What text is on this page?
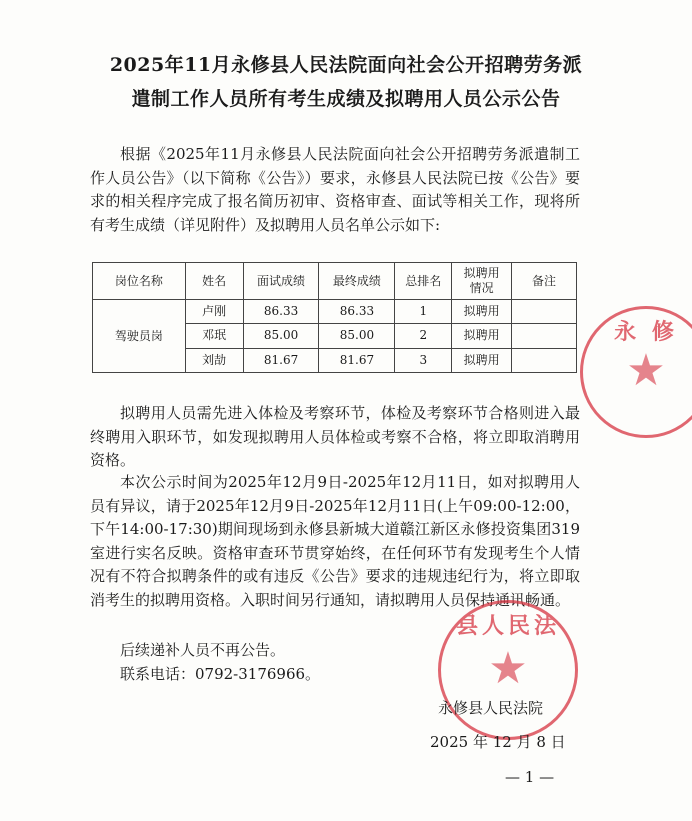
2025年11月永修县人民法院面向社会公开招聘劳务派
遣制工作人员所有考生成绩及拟聘用人员公示公告

根据《2025年11月永修县人民法院面向社会公开招聘劳务派遣制工作人员公告》（以下简称《公告》）要求，永修县人民法院已按《公告》要求的相关程序完成了报名简历初审、资格审查、面试等相关工作，现将所有考生成绩（详见附件）及拟聘用人员名单公示如下:

岗位名称	姓名	面试成绩	最终成绩	总排名	拟聘用情况	备注
驾驶员岗	卢刚	86.33	86.33	1	拟聘用	
	邓珉	85.00	85.00	2	拟聘用	
	刘劼	81.67	81.67	3	拟聘用	

拟聘用人员需先进入体检及考察环节，体检及考察环节合格则进入最终聘用入职环节，如发现拟聘用人员体检或考察不合格，将立即取消聘用资格。

本次公示时间为2025年12月9日-2025年12月11日，如对拟聘用人员有异议，请于2025年12月9日-2025年12月11日(上午09:00-12:00，下午14:00-17:30)期间现场到永修县新城大道赣江新区永修投资集团319室进行实名反映。资格审查环节贯穿始终，在任何环节有发现考生个人情况有不符合拟聘条件的或有违反《公告》要求的违规违纪行为，将立即取消考生的拟聘用资格。入职时间另行通知，请拟聘用人员保持通讯畅通。

后续递补人员不再公告。

联系电话：0792-3176966。

永 修
★
县人民法
★
永修县人民法院
2025 年 12 月 8 日
— 1 —
